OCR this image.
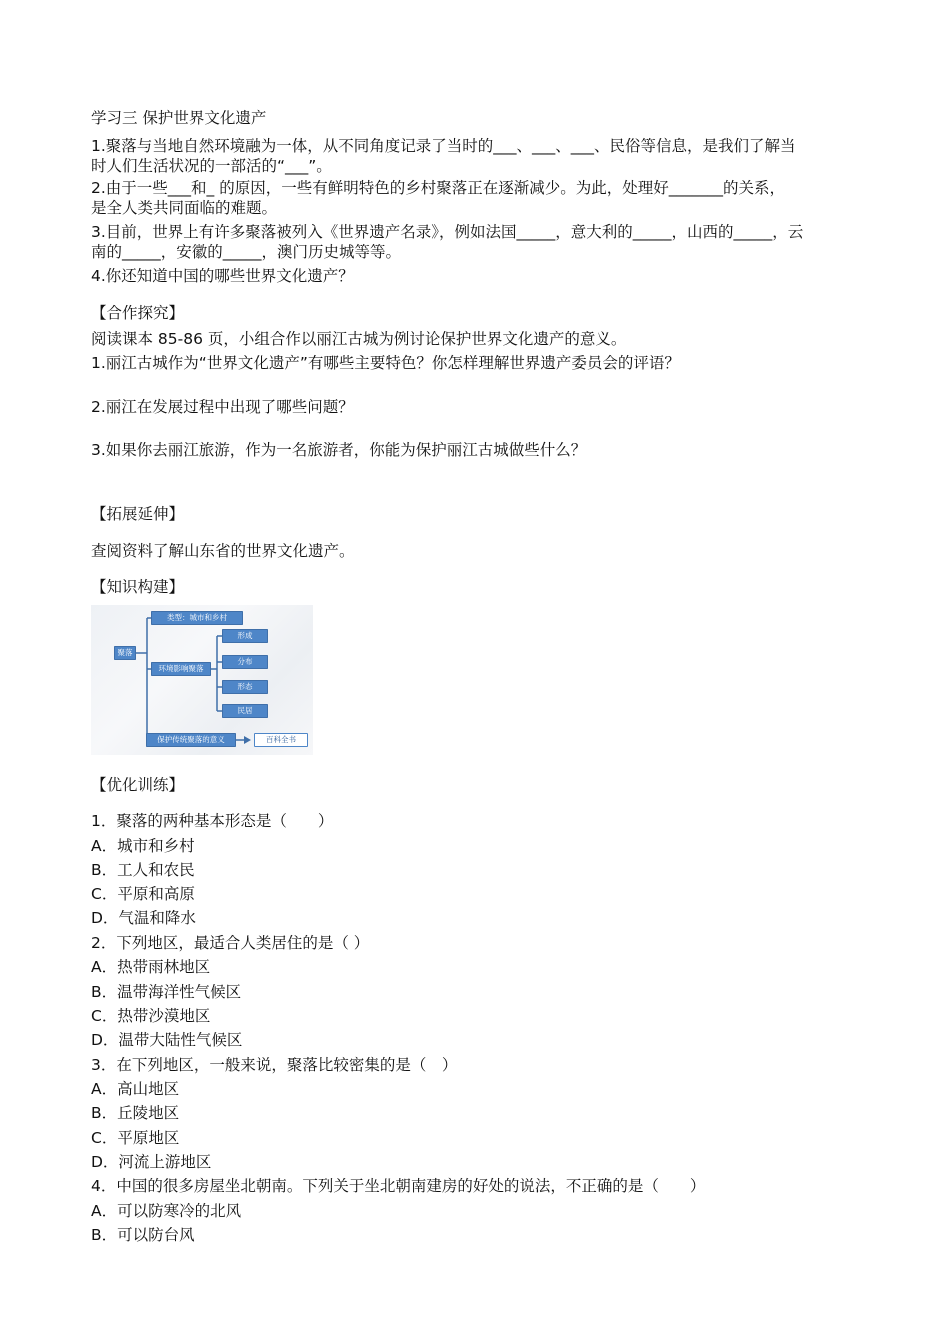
学习三 保护世界文化遗产
1.聚落与当地自然环境融为一体，从不同角度记录了当时的___、___、___、民俗等信息，是我们了解当
时人们生活状况的一部活的“___”。
2.由于一些___和_ 的原因，一些有鲜明特色的乡村聚落正在逐渐减少。为此，处理好_______的关系，
是全人类共同面临的难题。
3.目前，世界上有许多聚落被列入《世界遗产名录》，例如法国_____，意大利的_____，山西的_____，云
南的_____，安徽的_____，澳门历史城等等。
4.你还知道中国的哪些世界文化遗产？
【合作探究】
阅读课本 85-86 页，小组合作以丽江古城为例讨论保护世界文化遗产的意义。
1.丽江古城作为“世界文化遗产”有哪些主要特色？你怎样理解世界遗产委员会的评语？
2.丽江在发展过程中出现了哪些问题？
3.如果你去丽江旅游，作为一名旅游者，你能为保护丽江古城做些什么？
【拓展延伸】
查阅资料了解山东省的世界文化遗产。
【知识构建】
聚落
类型：城市和乡村
环境影响聚落
形成
分布
形态
民居
保护传统聚落的意义	百科全书
【优化训练】
1．聚落的两种基本形态是（　　）
A．城市和乡村
B．工人和农民
C．平原和高原
D．气温和降水
2．下列地区，最适合人类居住的是（ ）
A．热带雨林地区
B．温带海洋性气候区
C．热带沙漠地区
D．温带大陆性气候区
3．在下列地区，一般来说，聚落比较密集的是（　）
A．高山地区
B．丘陵地区
C．平原地区
D．河流上游地区
4．中国的很多房屋坐北朝南。下列关于坐北朝南建房的好处的说法，不正确的是（　　）
A．可以防寒冷的北风
B．可以防台风
